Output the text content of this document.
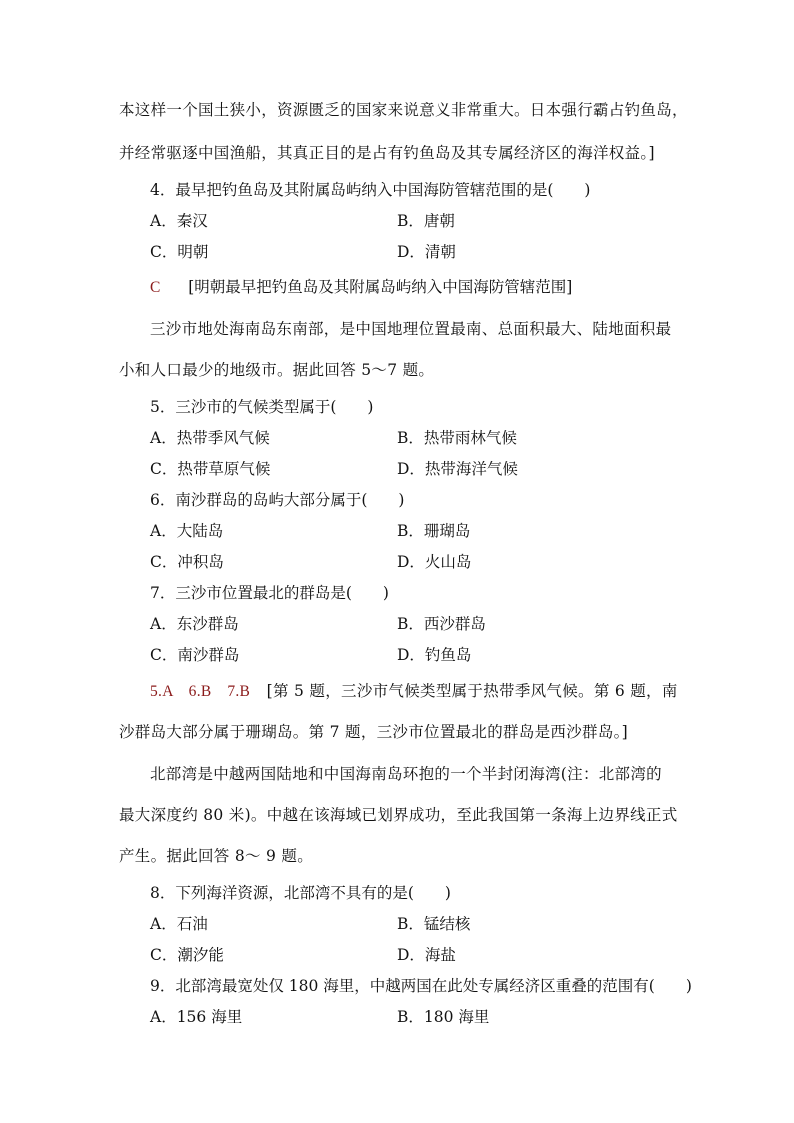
本这样一个国土狭小，资源匮乏的国家来说意义非常重大。日本强行霸占钓鱼岛，
并经常驱逐中国渔船，其真正目的是占有钓鱼岛及其专属经济区的海洋权益。]
4．最早把钓鱼岛及其附属岛屿纳入中国海防管辖范围的是(　　)
A．秦汉	B．唐朝
C．明朝	D．清朝
C [明朝最早把钓鱼岛及其附属岛屿纳入中国海防管辖范围]
三沙市地处海南岛东南部，是中国地理位置最南、总面积最大、陆地面积最
小和人口最少的地级市。据此回答 5～7 题。
5．三沙市的气候类型属于(　　)
A．热带季风气候	B．热带雨林气候
C．热带草原气候	D．热带海洋气候
6．南沙群岛的岛屿大部分属于(　　)
A．大陆岛	B．珊瑚岛
C．冲积岛	D．火山岛
7．三沙市位置最北的群岛是(　　)
A．东沙群岛	B．西沙群岛
C．南沙群岛	D．钓鱼岛
5.A　6.B　7.B [第 5 题，三沙市气候类型属于热带季风气候。第 6 题，南
沙群岛大部分属于珊瑚岛。第 7 题，三沙市位置最北的群岛是西沙群岛。]
北部湾是中越两国陆地和中国海南岛环抱的一个半封闭海湾(注：北部湾的
最大深度约 80 米)。中越在该海域已划界成功，至此我国第一条海上边界线正式
产生。据此回答 8～ 9 题。
8．下列海洋资源，北部湾不具有的是(　　)
A．石油	B．锰结核
C．潮汐能	D．海盐
9．北部湾最宽处仅 180 海里，中越两国在此处专属经济区重叠的范围有(　　)
A．156 海里	B．180 海里
